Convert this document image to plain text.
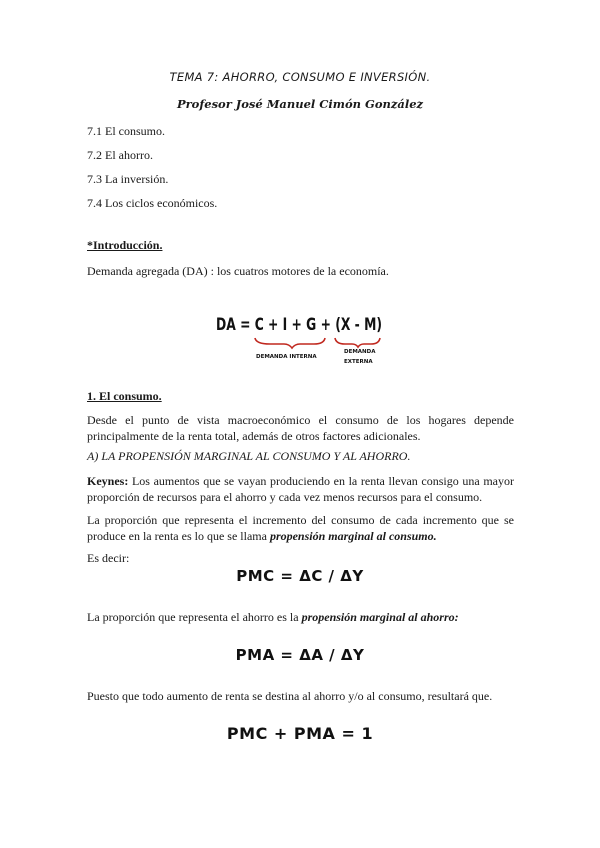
TEMA 7: AHORRO, CONSUMO E INVERSIÓN.
Profesor José Manuel Cimón González
7.1 El consumo.
7.2 El ahorro.
7.3 La inversión.
7.4 Los ciclos económicos.
*Introducción.
Demanda agregada (DA) : los cuatros motores de la economía.
DA = C + I + G + (X - M)
DEMANDA INTERNA
DEMANDA
EXTERNA
1. El consumo.
Desde el punto de vista macroeconómico el consumo de los hogares depende principalmente de la renta total, además de otros factores adicionales.
A) LA PROPENSIÓN MARGINAL AL CONSUMO Y AL AHORRO.
Keynes: Los aumentos que se vayan produciendo en la renta llevan consigo una mayor proporción de recursos para el ahorro y cada vez menos recursos para el consumo.
La proporción que representa el incremento del consumo de cada incremento que se produce en la renta es lo que se llama propensión marginal al consumo.
Es decir:
PMC = ΔC / ΔY
La proporción que representa el ahorro es la propensión marginal al ahorro:
PMA = ΔA / ΔY
Puesto que todo aumento de renta se destina al ahorro y/o al consumo, resultará que.
PMC + PMA = 1
